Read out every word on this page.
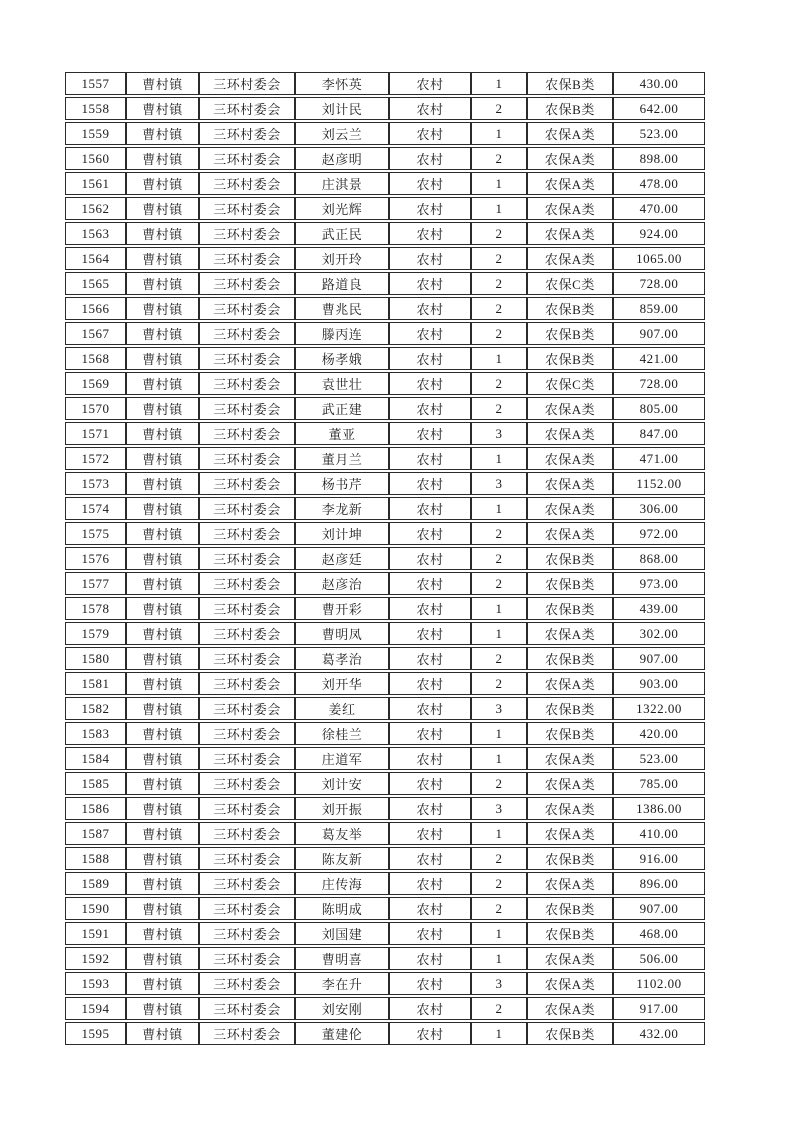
1557	曹村镇	三环村委会	李怀英	农村	1	农保B类	430.00
1558	曹村镇	三环村委会	刘计民	农村	2	农保B类	642.00
1559	曹村镇	三环村委会	刘云兰	农村	1	农保A类	523.00
1560	曹村镇	三环村委会	赵彦明	农村	2	农保A类	898.00
1561	曹村镇	三环村委会	庄淇景	农村	1	农保A类	478.00
1562	曹村镇	三环村委会	刘光辉	农村	1	农保A类	470.00
1563	曹村镇	三环村委会	武正民	农村	2	农保A类	924.00
1564	曹村镇	三环村委会	刘开玲	农村	2	农保A类	1065.00
1565	曹村镇	三环村委会	路道良	农村	2	农保C类	728.00
1566	曹村镇	三环村委会	曹兆民	农村	2	农保B类	859.00
1567	曹村镇	三环村委会	滕丙连	农村	2	农保B类	907.00
1568	曹村镇	三环村委会	杨孝娥	农村	1	农保B类	421.00
1569	曹村镇	三环村委会	袁世壮	农村	2	农保C类	728.00
1570	曹村镇	三环村委会	武正建	农村	2	农保A类	805.00
1571	曹村镇	三环村委会	董亚	农村	3	农保A类	847.00
1572	曹村镇	三环村委会	董月兰	农村	1	农保A类	471.00
1573	曹村镇	三环村委会	杨书芹	农村	3	农保A类	1152.00
1574	曹村镇	三环村委会	李龙新	农村	1	农保A类	306.00
1575	曹村镇	三环村委会	刘计坤	农村	2	农保A类	972.00
1576	曹村镇	三环村委会	赵彦廷	农村	2	农保B类	868.00
1577	曹村镇	三环村委会	赵彦治	农村	2	农保B类	973.00
1578	曹村镇	三环村委会	曹开彩	农村	1	农保B类	439.00
1579	曹村镇	三环村委会	曹明凤	农村	1	农保A类	302.00
1580	曹村镇	三环村委会	葛孝治	农村	2	农保B类	907.00
1581	曹村镇	三环村委会	刘开华	农村	2	农保A类	903.00
1582	曹村镇	三环村委会	姜红	农村	3	农保B类	1322.00
1583	曹村镇	三环村委会	徐桂兰	农村	1	农保B类	420.00
1584	曹村镇	三环村委会	庄道军	农村	1	农保A类	523.00
1585	曹村镇	三环村委会	刘计安	农村	2	农保A类	785.00
1586	曹村镇	三环村委会	刘开振	农村	3	农保A类	1386.00
1587	曹村镇	三环村委会	葛友举	农村	1	农保A类	410.00
1588	曹村镇	三环村委会	陈友新	农村	2	农保B类	916.00
1589	曹村镇	三环村委会	庄传海	农村	2	农保A类	896.00
1590	曹村镇	三环村委会	陈明成	农村	2	农保B类	907.00
1591	曹村镇	三环村委会	刘国建	农村	1	农保B类	468.00
1592	曹村镇	三环村委会	曹明喜	农村	1	农保A类	506.00
1593	曹村镇	三环村委会	李在升	农村	3	农保A类	1102.00
1594	曹村镇	三环村委会	刘安刚	农村	2	农保A类	917.00
1595	曹村镇	三环村委会	董建伦	农村	1	农保B类	432.00
